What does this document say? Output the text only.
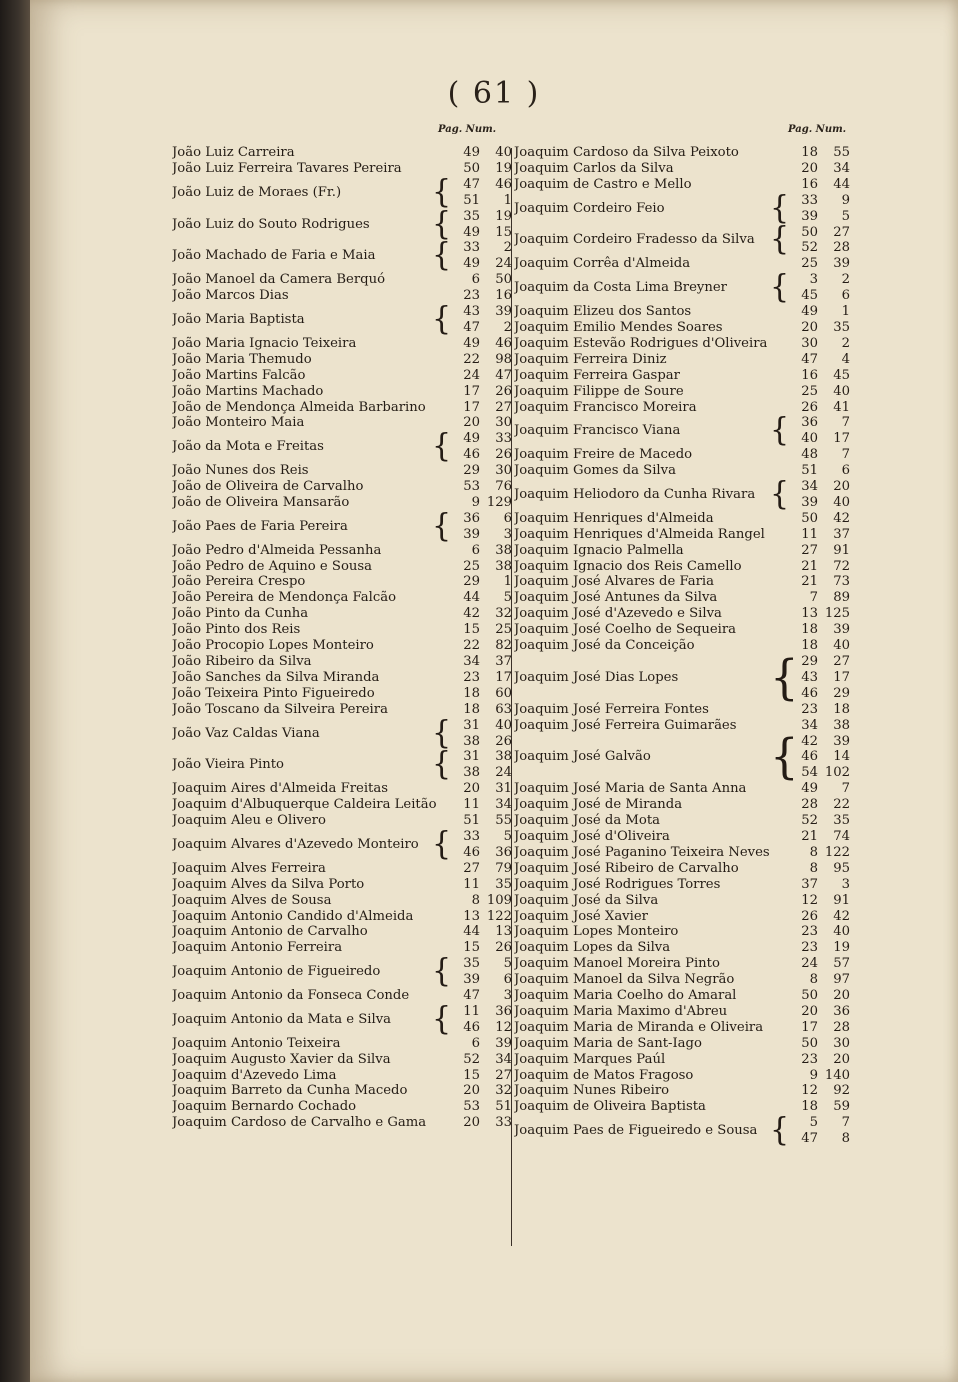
( 61 )
Pag. Num.	Pag. Num.
João Luiz Carreira	49	40
João Luiz Ferreira Tavares Pereira	50	19
João Luiz de Moraes (Fr.)	{ 47	46
51	1
João Luiz do Souto Rodrigues	{ 35	19
49	15
João Machado de Faria e Maia	{ 33	2
49	24
João Manoel da Camera Berquó	6	50
João Marcos Dias	23	16
João Maria Baptista	{ 43	39
47	2
João Maria Ignacio Teixeira	49	46
João Maria Themudo	22	98
João Martins Falcão	24	47
João Martins Machado	17	26
João de Mendonça Almeida Barbarino	17	27
João Monteiro Maia	20	30
João da Mota e Freitas	{ 49	33
46	26
João Nunes dos Reis	29	30
João de Oliveira de Carvalho	53	76
João de Oliveira Mansarão	9 129
João Paes de Faria Pereira	{ 36	6
39	3
João Pedro d'Almeida Pessanha	6	38
João Pedro de Aquino e Sousa	25	38
João Pereira Crespo	29	1
João Pereira de Mendonça Falcão	44	5
João Pinto da Cunha	42	32
João Pinto dos Reis	15	25
João Procopio Lopes Monteiro	22	82
João Ribeiro da Silva	34	37
João Sanches da Silva Miranda	23	17
João Teixeira Pinto Figueiredo	18	60
João Toscano da Silveira Pereira	18	63
João Vaz Caldas Viana	{ 31	40
38	26
João Vieira Pinto	{ 31	38
38	24
Joaquim Aires d'Almeida Freitas	20	31
Joaquim d'Albuquerque Caldeira Leitão	11	34
Joaquim Aleu e Olivero	51	55
Joaquim Alvares d'Azevedo Monteiro { 33	5
46	36
Joaquim Alves Ferreira	27	79
Joaquim Alves da Silva Porto	11	35
Joaquim Alves de Sousa	8 109
Joaquim Antonio Candido d'Almeida	13 122
Joaquim Antonio de Carvalho	44	13
Joaquim Antonio Ferreira	15	26
Joaquim Antonio de Figueiredo	{ 35	5
39	6
Joaquim Antonio da Fonseca Conde	47	3
Joaquim Antonio da Mata e Silva	{ 11	36
46	12
Joaquim Antonio Teixeira	6	39
Joaquim Augusto Xavier da Silva	52	34
Joaquim d'Azevedo Lima	15	27
Joaquim Barreto da Cunha Macedo	20	32
Joaquim Bernardo Cochado	53	51
Joaquim Cardoso de Carvalho e Gama	20	33
Joaquim Cardoso da Silva Peixoto	18	55
Joaquim Carlos da Silva	20	34
Joaquim de Castro e Mello	16	44
Joaquim Cordeiro Feio	{ 33	9
39	5
Joaquim Cordeiro Fradesso da Silva { 50	27
52	28
Joaquim Corrêa d'Almeida	25	39
Joaquim da Costa Lima Breyner	{	3	2
45	6
Joaquim Elizeu dos Santos	49	1
Joaquim Emilio Mendes Soares	20	35
Joaquim Estevão Rodrigues d'Oliveira	30	2
Joaquim Ferreira Diniz	47	4
Joaquim Ferreira Gaspar	16	45
Joaquim Filippe de Soure	25	40
Joaquim Francisco Moreira	26	41
Joaquim Francisco Viana	{ 36	7
40	17
Joaquim Freire de Macedo	48	7
Joaquim Gomes da Silva	51	6
Joaquim Heliodoro da Cunha Rivara { 34	20
39	40
Joaquim Henriques d'Almeida	50	42
Joaquim Henriques d'Almeida Rangel	11	37
Joaquim Ignacio Palmella	27	91
Joaquim Ignacio dos Reis Camello	21	72
Joaquim José Alvares de Faria	21	73
Joaquim José Antunes da Silva	7	89
Joaquim José d'Azevedo e Silva	13 125
Joaquim José Coelho de Sequeira	18	39
Joaquim José da Conceição	18	40
Joaquim José Dias Lopes	{ 29	27
43	17
46	29
Joaquim José Ferreira Fontes	23	18
Joaquim José Ferreira Guimarães	34	38
Joaquim José Galvão	{ 42	39
46	14
54 102
Joaquim José Maria de Santa Anna	49	7
Joaquim José de Miranda	28	22
Joaquim José da Mota	52	35
Joaquim José d'Oliveira	21	74
Joaquim José Paganino Teixeira Neves	8 122
Joaquim José Ribeiro de Carvalho	8	95
Joaquim José Rodrigues Torres	37	3
Joaquim José da Silva	12	91
Joaquim José Xavier	26	42
Joaquim Lopes Monteiro	23	40
Joaquim Lopes da Silva	23	19
Joaquim Manoel Moreira Pinto	24	57
Joaquim Manoel da Silva Negrão	8	97
Joaquim Maria Coelho do Amaral	50	20
Joaquim Maria Maximo d'Abreu	20	36
Joaquim Maria de Miranda e Oliveira	17	28
Joaquim Maria de Sant-Iago	50	30
Joaquim Marques Paúl	23	20
Joaquim de Matos Fragoso	9 140
Joaquim Nunes Ribeiro	12	92
Joaquim de Oliveira Baptista	18	59
Joaquim Paes de Figueiredo e Sousa {	5	7
47	8
